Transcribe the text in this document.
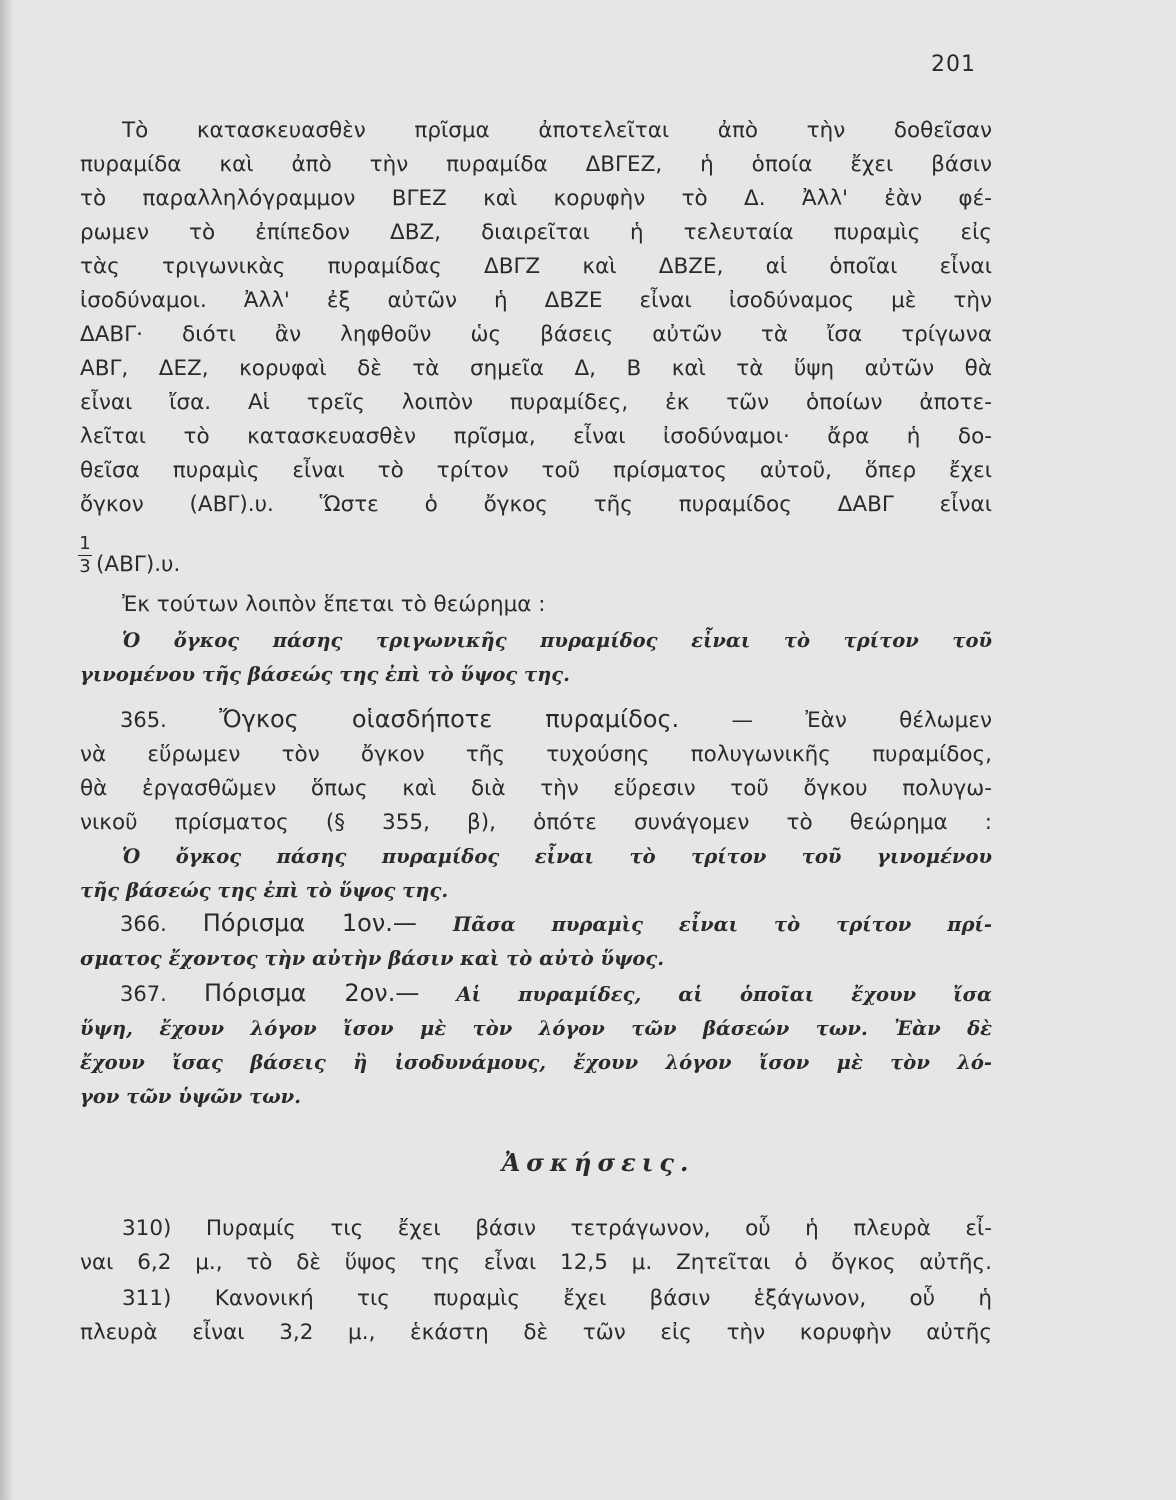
201
Τὸ κατασκευασθὲν πρῖσμα ἀποτελεῖται ἀπὸ τὴν δοθεῖσαν
πυραμίδα καὶ ἀπὸ τὴν πυραμίδα ΔΒΓΕΖ, ἡ ὁποία ἔχει βάσιν
τὸ παραλληλόγραμμον ΒΓΕΖ καὶ κορυφὴν τὸ Δ. Ἀλλ' ἐὰν φέ-
ρωμεν τὸ ἐπίπεδον ΔΒΖ, διαιρεῖται ἡ τελευταία πυραμὶς εἰς
τὰς τριγωνικὰς πυραμίδας ΔΒΓΖ καὶ ΔΒΖΕ, αἱ ὁποῖαι εἶναι
ἰσοδύναμοι. Ἀλλ' ἐξ αὐτῶν ἡ ΔΒΖΕ εἶναι ἰσοδύναμος μὲ τὴν
ΔΑΒΓ· διότι ἂν ληφθοῦν ὡς βάσεις αὐτῶν τὰ ἴσα τρίγωνα
ΑΒΓ, ΔΕΖ, κορυφαὶ δὲ τὰ σημεῖα Δ, Β καὶ τὰ ὕψη αὐτῶν θὰ
εἶναι ἴσα. Αἱ τρεῖς λοιπὸν πυραμίδες, ἐκ τῶν ὁποίων ἀποτε-
λεῖται τὸ κατασκευασθὲν πρῖσμα, εἶναι ἰσοδύναμοι· ἄρα ἡ δο-
θεῖσα πυραμὶς εἶναι τὸ τρίτον τοῦ πρίσματος αὐτοῦ, ὅπερ ἔχει
ὄγκον (ΑΒΓ).υ. Ὥστε ὁ ὄγκος τῆς πυραμίδος ΔΑΒΓ εἶναι
1
3 (ΑΒΓ).υ.
Ἐκ τούτων λοιπὸν ἕπεται τὸ θεώρημα :
Ὁ ὄγκος πάσης τριγωνικῆς πυραμίδος εἶναι τὸ τρίτον τοῦ
γινομένου τῆς βάσεώς της ἐπὶ τὸ ὕψος της.
365. Ὄγκος οἱασδήποτε πυραμίδος. — Ἐὰν θέλωμεν
νὰ εὕρωμεν τὸν ὄγκον τῆς τυχούσης πολυγωνικῆς πυραμίδος,
θὰ ἐργασθῶμεν ὅπως καὶ διὰ τὴν εὕρεσιν τοῦ ὄγκου πολυγω-
νικοῦ πρίσματος (§ 355, β), ὁπότε συνάγομεν τὸ θεώρημα :
Ὁ ὄγκος πάσης πυραμίδος εἶναι τὸ τρίτον τοῦ γινομένου
τῆς βάσεώς της ἐπὶ τὸ ὕψος της.
366. Πόρισμα 1ον.— Πᾶσα πυραμὶς εἶναι τὸ τρίτον πρί-
σματος ἔχοντος τὴν αὐτὴν βάσιν καὶ τὸ αὐτὸ ὕψος.
367. Πόρισμα 2ον.— Αἱ πυραμίδες, αἱ ὁποῖαι ἔχουν ἴσα
ὕψη, ἔχουν λόγον ἴσον μὲ τὸν λόγον τῶν βάσεών των. Ἐὰν δὲ
ἔχουν ἴσας βάσεις ἢ ἰσοδυνάμους, ἔχουν λόγον ἴσον μὲ τὸν λό-
γον τῶν ὑψῶν των.
Ἀσκήσεις.
310) Πυραμίς τις ἔχει βάσιν τετράγωνον, οὗ ἡ πλευρὰ εἶ-
ναι 6,2 μ., τὸ δὲ ὕψος της εἶναι 12,5 μ. Ζητεῖται ὁ ὄγκος αὐτῆς.
311) Κανονική τις πυραμὶς ἔχει βάσιν ἑξάγωνον, οὗ ἡ
πλευρὰ εἶναι 3,2 μ., ἑκάστη δὲ τῶν εἰς τὴν κορυφὴν αὐτῆς
